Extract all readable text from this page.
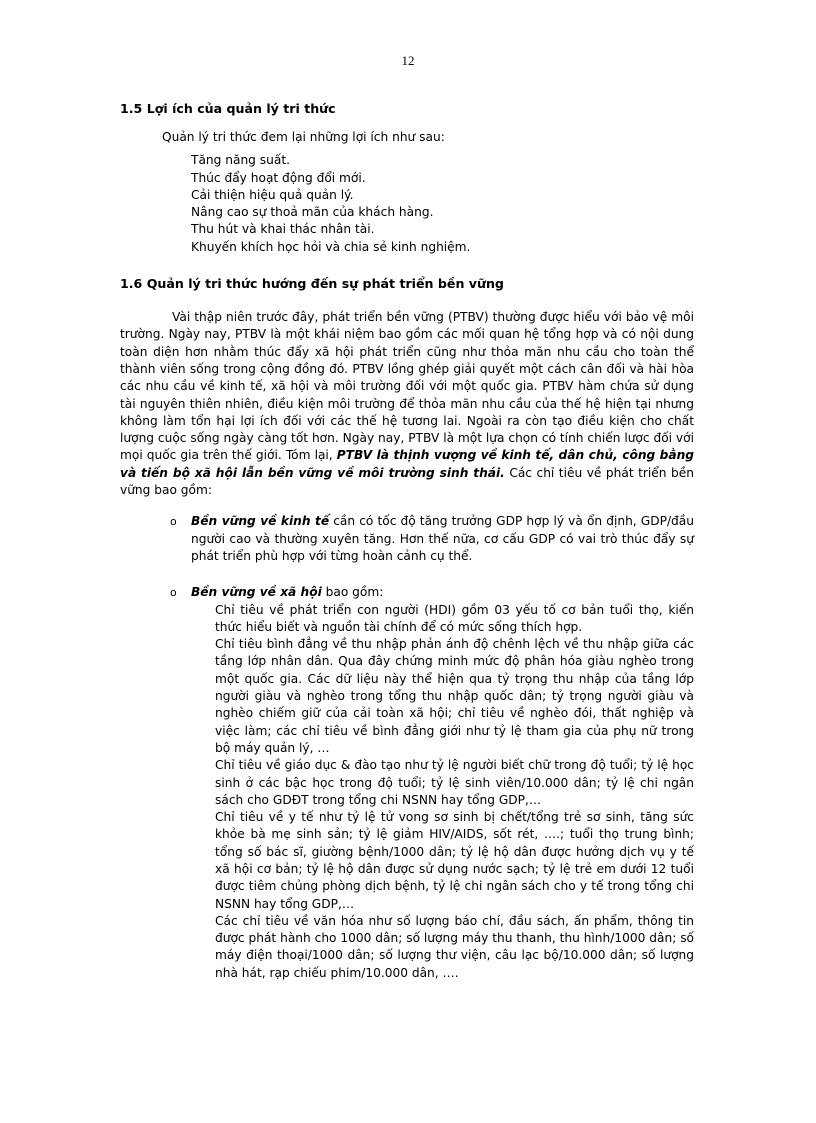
12
1.5 Lợi ích của quản lý tri thức
Quản lý tri thức đem lại những lợi ích như sau:
Tăng năng suất.
Thúc đẩy hoạt động đổi mới.
Cải thiện hiệu quả quản lý.
Nâng cao sự thoả mãn của khách hàng.
Thu hút và khai thác nhân tài.
Khuyến khích học hỏi và chia sẻ kinh nghiệm.
1.6 Quản lý tri thức hướng đến sự phát triển bền vững

Vài thập niên trước đây, phát triển bền vững (PTBV) thường được hiểu với bảo vệ môi trường. Ngày nay, PTBV là một khái niệm bao gồm các mối quan hệ tổng hợp và có nội dung toàn diện hơn nhằm thúc đẩy xã hội phát triển cũng như thỏa mãn nhu cầu cho toàn thể thành viên sống trong cộng đồng đó. PTBV lồng ghép giải quyết một cách cân đối và hài hòa các nhu cầu về kinh tế, xã hội và môi trường đối với một quốc gia. PTBV hàm chứa sử dụng tài nguyên thiên nhiên, điều kiện môi trường để thỏa mãn nhu cầu của thế hệ hiện tại nhưng không làm tổn hại lợi ích đối với các thế hệ tương lai. Ngoài ra còn tạo điều kiện cho chất lượng cuộc sống ngày càng tốt hơn. Ngày nay, PTBV là một lựa chọn có tính chiến lược đối với mọi quốc gia trên thế giới. Tóm lại, PTBV là thịnh vượng về kinh tế, dân chủ, công bằng và tiến bộ xã hội lẫn bền vững về môi trường sinh thái. Các chỉ tiêu về phát triển bền vững bao gồm:

o Bền vững về kinh tế cần có tốc độ tăng trưởng GDP hợp lý và ổn định, GDP/đầu người cao và thường xuyên tăng. Hơn thế nữa, cơ cấu GDP có vai trò thúc đẩy sự phát triển phù hợp với từng hoàn cảnh cụ thể.
o Bền vững về xã hội bao gồm:
Chỉ tiêu về phát triển con người (HDI) gồm 03 yếu tố cơ bản tuổi thọ, kiến thức hiểu biết và nguồn tài chính để có mức sống thích hợp.
Chỉ tiêu bình đẳng về thu nhập phản ánh độ chênh lệch về thu nhập giữa các tầng lớp nhân dân. Qua đây chứng minh mức độ phân hóa giàu nghèo trong một quốc gia. Các dữ liệu này thể hiện qua tỷ trọng thu nhập của tầng lớp người giàu và nghèo trong tổng thu nhập quốc dân; tỷ trọng người giàu và nghèo chiếm giữ của cải toàn xã hội; chỉ tiêu về nghèo đói, thất nghiệp và việc làm; các chỉ tiêu về bình đẳng giới như tỷ lệ tham gia của phụ nữ trong bộ máy quản lý, …
Chỉ tiêu về giáo dục & đào tạo như tỷ lệ người biết chữ trong độ tuổi; tỷ lệ học sinh ở các bậc học trong độ tuổi; tỷ lệ sinh viên/10.000 dân; tỷ lệ chi ngân sách cho GDĐT trong tổng chi NSNN hay tổng GDP,…
Chỉ tiêu về y tế như tỷ lệ tử vong sơ sinh bị chết/tổng trẻ sơ sinh, tăng sức khỏe bà mẹ sinh sản; tỷ lệ giảm HIV/AIDS, sốt rét, ….; tuổi thọ trung bình; tổng số bác sĩ, giường bệnh/1000 dân; tỷ lệ hộ dân được hưởng dịch vụ y tế xã hội cơ bản; tỷ lệ hộ dân được sử dụng nước sạch; tỷ lệ trẻ em dưới 12 tuổi được tiêm chủng phòng dịch bệnh, tỷ lệ chi ngân sách cho y tế trong tổng chi NSNN hay tổng GDP,…
Các chỉ tiêu về văn hóa như số lượng báo chí, đầu sách, ấn phẩm, thông tin được phát hành cho 1000 dân; số lượng máy thu thanh, thu hình/1000 dân; số máy điện thoại/1000 dân; số lượng thư viện, câu lạc bộ/10.000 dân; số lượng nhà hát, rạp chiếu phim/10.000 dân, ….
